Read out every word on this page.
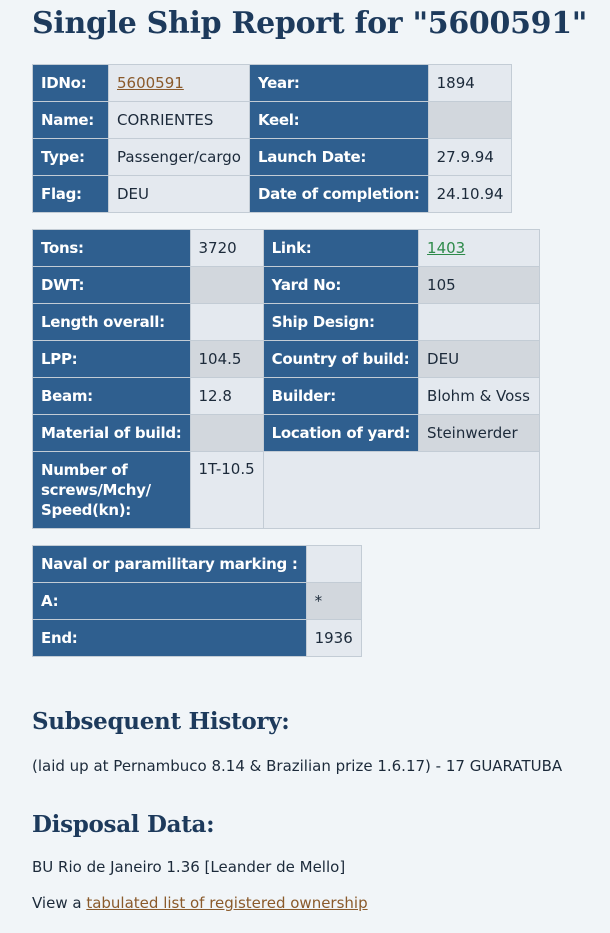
Single Ship Report for "5600591"
IDNo:	5600591	Year:	1894
Name:	CORRIENTES	Keel:	
Type:	Passenger/cargo	Launch Date:	27.9.94
Flag:	DEU	Date of completion:	24.10.94
Tons:	3720	Link:	1403
DWT:		Yard No:	105
Length overall:		Ship Design:	
LPP:	104.5	Country of build:	DEU
Beam:	12.8	Builder:	Blohm & Voss
Material of build:		Location of yard:	Steinwerder
Number of screws/Mchy/ Speed(kn):	1T-10.5		
Naval or paramilitary marking :	
A:	*
End:	1936
Subsequent History:

(laid up at Pernambuco 8.14 & Brazilian prize 1.6.17) - 17 GUARATUBA

Disposal Data:

BU Rio de Janeiro 1.36 [Leander de Mello]

View a tabulated list of registered ownership
